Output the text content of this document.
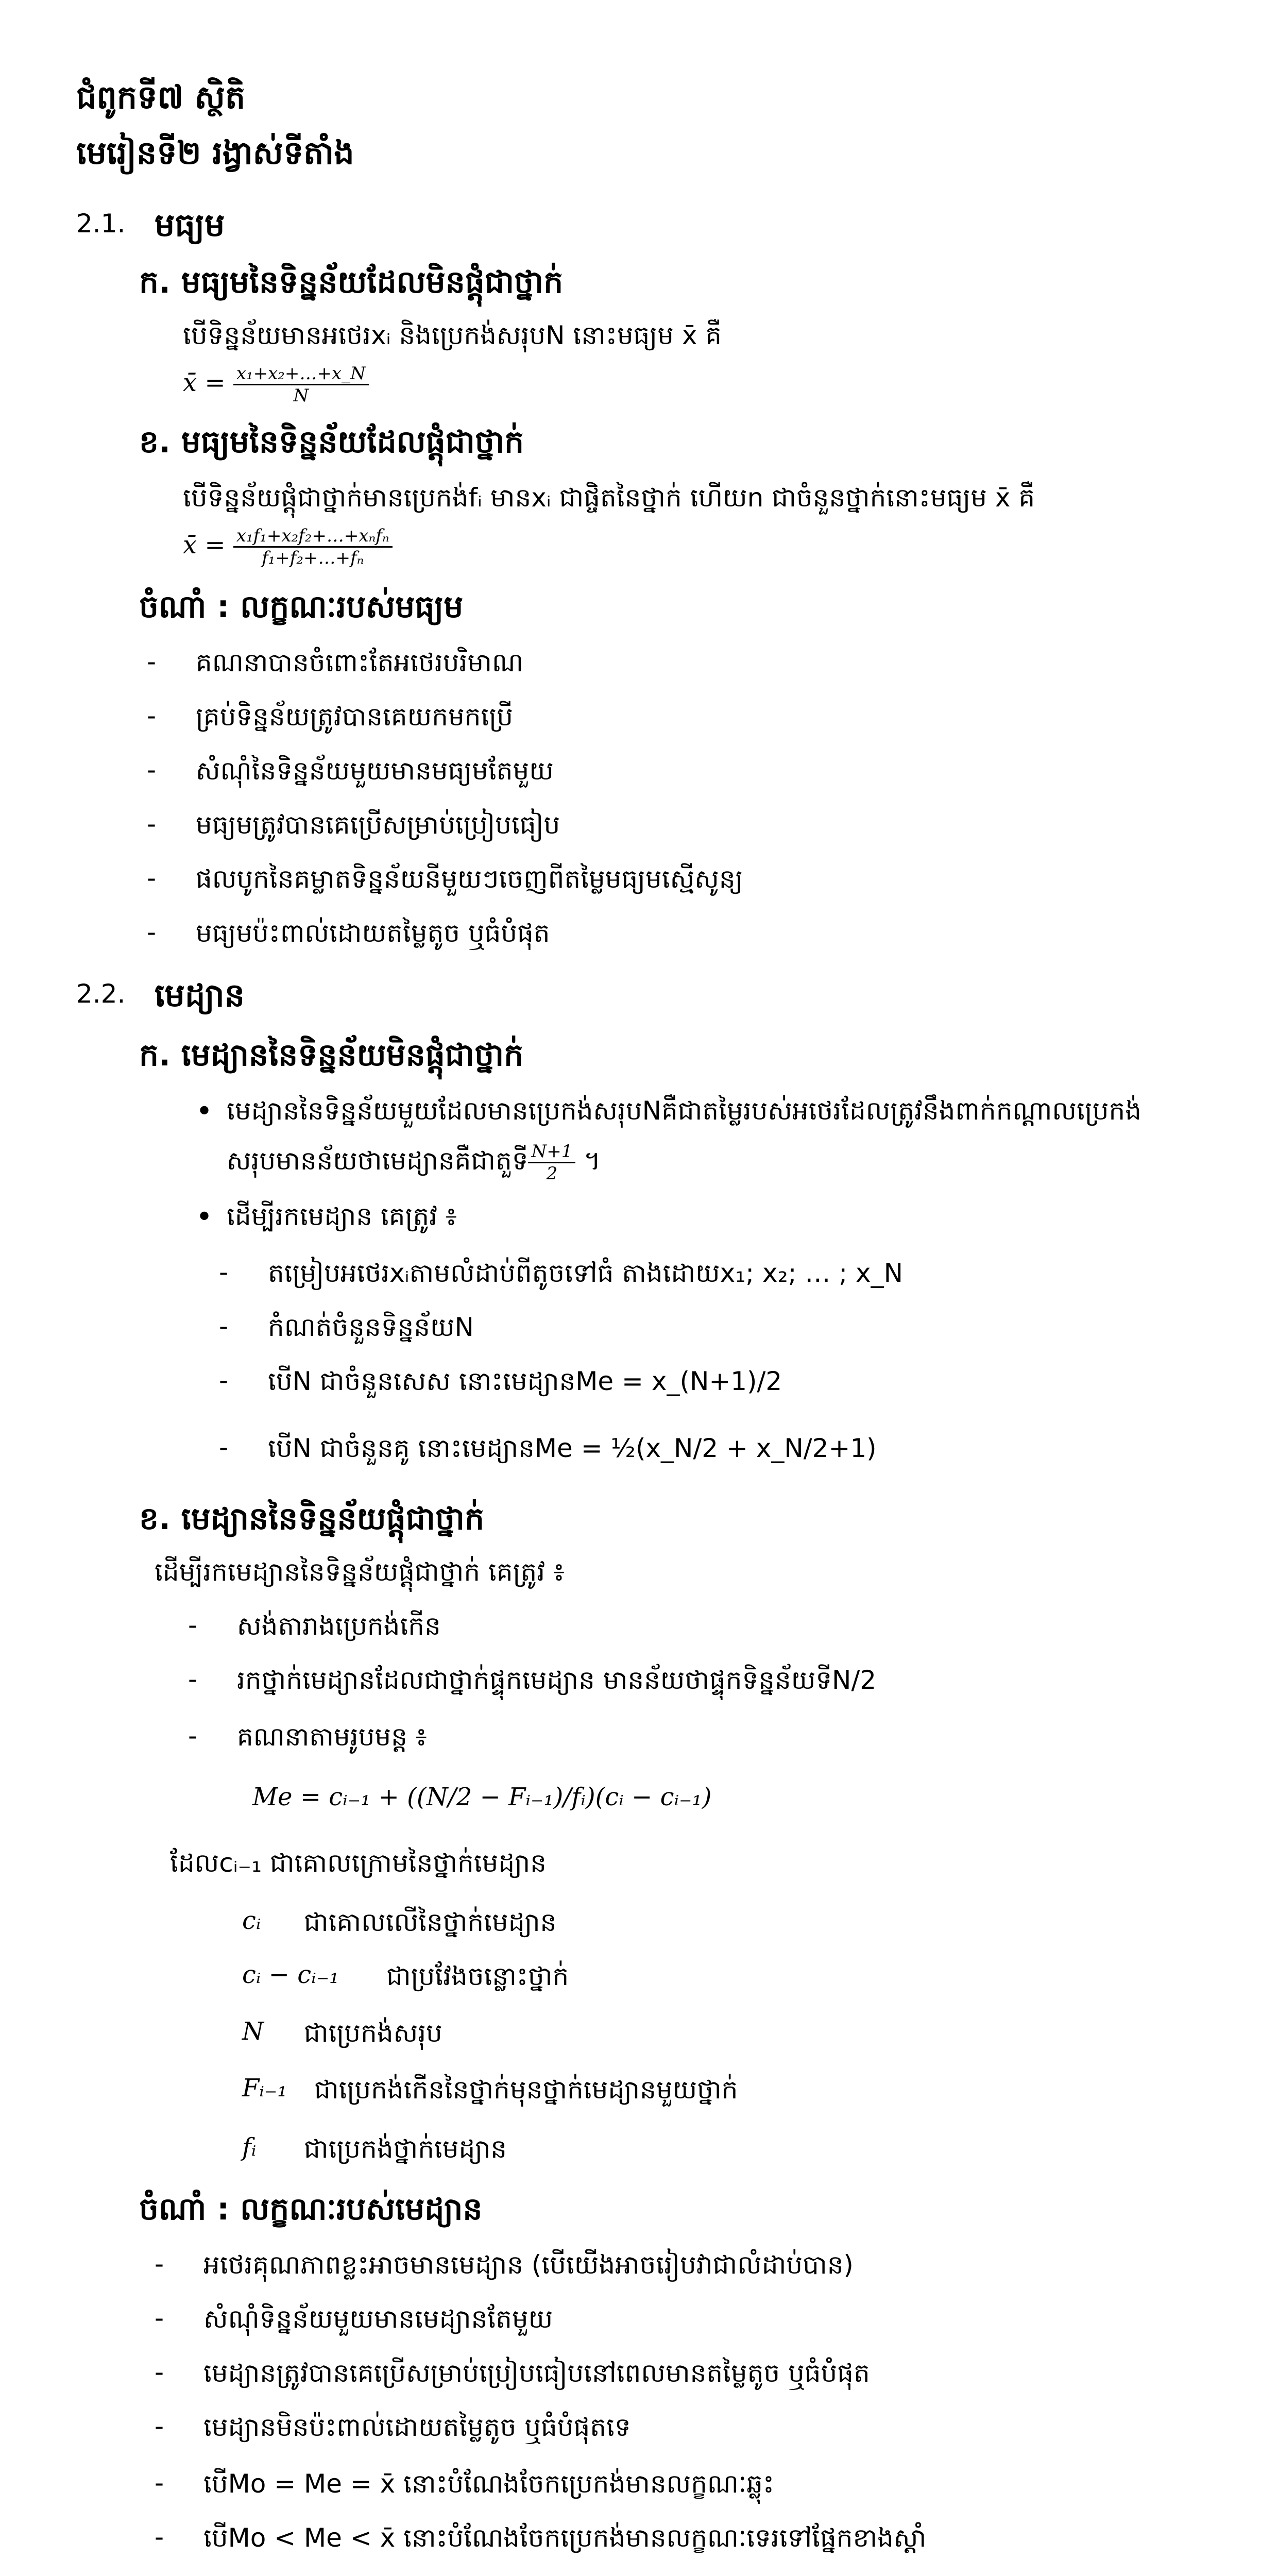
ជំពូកទី៧ ស្ថិតិ
មេរៀនទី២ រង្វាស់ទីតាំង
2.1. មធ្យម
ក. មធ្យមនៃទិន្នន័យដែលមិនផ្តុំជាថ្នាក់
បើទិន្នន័យមានអថេរxᵢ និងប្រេកង់សរុបN នោះមធ្យម x̄ គឺ
x̄ = $\frac{\text{x₁+x₂+…+x\_N}}{N}$
ខ. មធ្យមនៃទិន្នន័យដែលផ្តុំជាថ្នាក់
បើទិន្នន័យផ្តុំជាថ្នាក់មានប្រេកង់fᵢ មានxᵢ ជាផ្ចិតនៃថ្នាក់ ហើយn ជាចំនួនថ្នាក់នោះមធ្យម x̄ គឺ
x̄ = $\frac{\text{x₁f₁+x₂f₂+…+xₙfₙ}}{\text{f₁+f₂+…+fₙ}}$
ចំណាំ : លក្ខណៈរបស់មធ្យម
- គណនាបានចំពោះតែអថេរបរិមាណ
- គ្រប់ទិន្នន័យត្រូវបានគេយកមកប្រើ
- សំណុំនៃទិន្នន័យមួយមានមធ្យមតែមួយ
- មធ្យមត្រូវបានគេប្រើសម្រាប់ប្រៀបធៀប
- ផលបូកនៃគម្លាតទិន្នន័យនីមួយៗចេញពីតម្លៃមធ្យមស្មើសូន្យ
- មធ្យមប៉ះពាល់ដោយតម្លៃតូច ឬធំបំផុត
2.2. មេដ្យាន
ក. មេដ្យាននៃទិន្នន័យមិនផ្តុំជាថ្នាក់
• មេដ្យាននៃទិន្នន័យមួយដែលមានប្រេកង់សរុបNគឺជាតម្លៃរបស់អថេរដែលត្រូវនឹងពាក់កណ្តាលប្រេកង់
សរុបមានន័យថាមេដ្យានគឺជាតួទី $\frac{N+1}{2}$ ។
• ដើម្បីរកមេដ្យាន គេត្រូវ ៖
- តម្រៀបអថេរxᵢតាមលំដាប់ពីតូចទៅធំ តាងដោយx₁; x₂; … ; x_N
- កំណត់ចំនួនទិន្នន័យN
- បើN ជាចំនួនសេស នោះមេដ្យានMe = x_(N+1)/2
- បើN ជាចំនួនគូ នោះមេដ្យានMe = ½(x_N/2 + x_N/2+1)
ខ. មេដ្យាននៃទិន្នន័យផ្តុំជាថ្នាក់
ដើម្បីរកមេដ្យាននៃទិន្នន័យផ្តុំជាថ្នាក់ គេត្រូវ ៖
- សង់តារាងប្រេកង់កើន
- រកថ្នាក់មេដ្យានដែលជាថ្នាក់ផ្ទុកមេដ្យាន មានន័យថាផ្ទុកទិន្នន័យទីN/2
- គណនាតាមរូបមន្ត ៖
Me = cᵢ₋₁ + ((N/2 − Fᵢ₋₁)/fᵢ)(cᵢ − cᵢ₋₁)
ដែលcᵢ₋₁ ជាគោលក្រោមនៃថ្នាក់មេដ្យាន
cᵢ ជាគោលលើនៃថ្នាក់មេដ្យាន
cᵢ − cᵢ₋₁ ជាប្រវែងចន្លោះថ្នាក់
N ជាប្រេកង់សរុប
Fᵢ₋₁ ជាប្រេកង់កើននៃថ្នាក់មុនថ្នាក់មេដ្យានមួយថ្នាក់
fᵢ ជាប្រេកង់ថ្នាក់មេដ្យាន
ចំណាំ : លក្ខណៈរបស់មេដ្យាន
- អថេរគុណភាពខ្លះអាចមានមេដ្យាន (បើយើងអាចរៀបវាជាលំដាប់បាន)
- សំណុំទិន្នន័យមួយមានមេដ្យានតែមួយ
- មេដ្យានត្រូវបានគេប្រើសម្រាប់ប្រៀបធៀបនៅពេលមានតម្លៃតូច ឬធំបំផុត
- មេដ្យានមិនប៉ះពាល់ដោយតម្លៃតូច ឬធំបំផុតទេ
- បើMo = Me = x̄ នោះបំណែងចែកប្រេកង់មានលក្ខណៈឆ្លុះ
- បើMo < Me < x̄ នោះបំណែងចែកប្រេកង់មានលក្ខណៈទេរទៅផ្នែកខាងស្តាំ
